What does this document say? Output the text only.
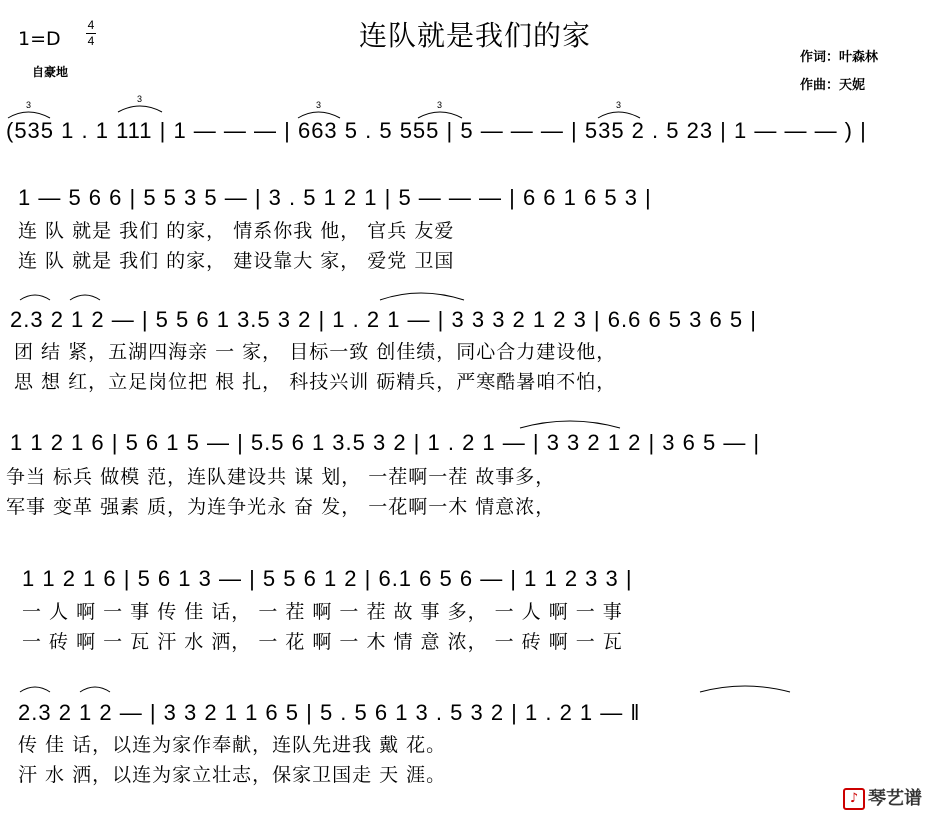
连队就是我们的家
1=D
4
4
自豪地
作词：叶森林
作曲：天妮
(535 1 . 1 111 | 1 — — — | 663 5 . 5 555 | 5 — — — | 535 2 . 5 23 | 1 — — — ) |
1 — 5 6 6 | 5 5 3 5 — | 3 . 5 1 2 1 | 5 — — — | 6 6 1 6 5 3 |
连 队 就是 我们 的家， 情系你我 他， 官兵 友爱
连 队 就是 我们 的家， 建设靠大 家， 爱党 卫国
2.3 2 1 2 — | 5 5 6 1 3.5 3 2 | 1 . 2 1 — | 3 3 3 2 1 2 3 | 6.6 6 5 3 6 5 |
团 结 紧，五湖四海亲 一 家， 目标一致 创佳绩，同心合力建设他，
思 想 红，立足岗位把 根 扎， 科技兴训 砺精兵，严寒酷暑咱不怕，
1 1 2 1 6 | 5 6 1 5 — | 5.5 6 1 3.5 3 2 | 1 . 2 1 — | 3 3 2 1 2 | 3 6 5 — |
争当 标兵 做模 范，连队建设共 谋 划， 一茬啊一茬 故事多，
军事 变革 强素 质，为连争光永 奋 发， 一花啊一木 情意浓，
1 1 2 1 6 | 5 6 1 3 — | 5 5 6 1 2 | 6.1 6 5 6 — | 1 1 2 3 3 |
一 人 啊 一 事 传 佳 话， 一 茬 啊 一 茬 故 事 多， 一 人 啊 一 事
一 砖 啊 一 瓦 汗 水 洒， 一 花 啊 一 木 情 意 浓， 一 砖 啊 一 瓦
2.3 2 1 2 — | 3 3 2 1 1 6 5 | 5 . 5 6 1 3 . 5 3 2 | 1 . 2 1 — ‖
传 佳 话，以连为家作奉献，连队先进我 戴 花。
汗 水 洒，以连为家立壮志，保家卫国走 天 涯。
3
3
3	3	3
♪ 琴艺谱
